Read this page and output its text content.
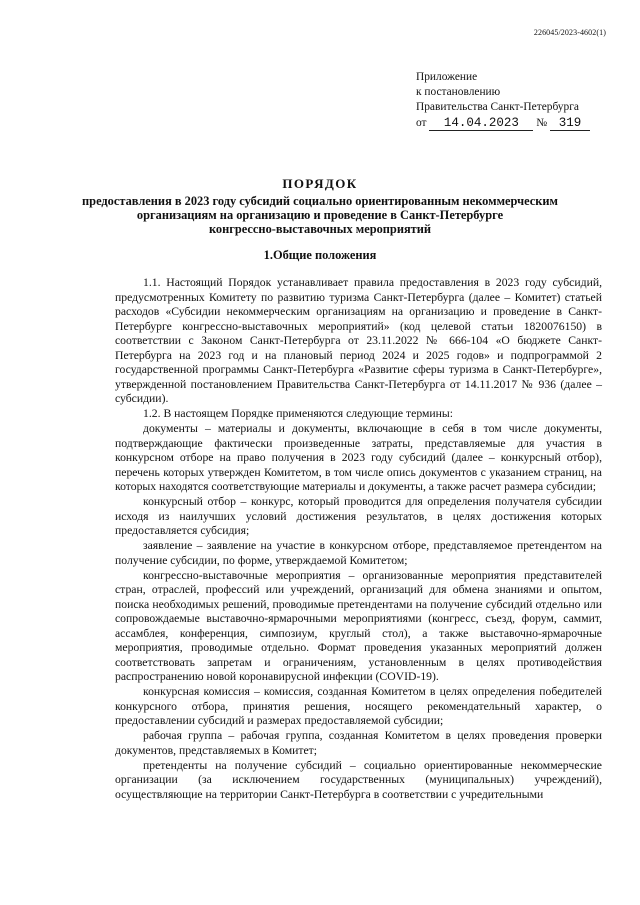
226045/2023-4602(1)
Приложение
к постановлению
Правительства Санкт-Петербурга
от 14.04.2023 № 319
ПОРЯДОК
предоставления в 2023 году субсидий социально ориентированным некоммерческим
организациям на организацию и проведение в Санкт-Петербурге
конгрессно-выставочных мероприятий
1.Общие положения

1.1. Настоящий Порядок устанавливает правила предоставления в 2023 году субсидий, предусмотренных Комитету по развитию туризма Санкт-Петербурга (далее – Комитет) статьей расходов «Субсидии некоммерческим организациям на организацию и проведение в Санкт-Петербурге конгрессно-выставочных мероприятий» (код целевой статьи 1820076150) в соответствии с Законом Санкт-Петербурга от 23.11.2022 № 666-104 «О бюджете Санкт-Петербурга на 2023 год и на плановый период 2024 и 2025 годов» и подпрограммой 2 государственной программы Санкт-Петербурга «Развитие сферы туризма в Санкт-Петербурге», утвержденной постановлением Правительства Санкт-Петербурга от 14.11.2017 № 936 (далее – субсидии).

1.2. В настоящем Порядке применяются следующие термины:

документы – материалы и документы, включающие в себя в том числе документы, подтверждающие фактически произведенные затраты, представляемые для участия в конкурсном отборе на право получения в 2023 году субсидий (далее – конкурсный отбор), перечень которых утвержден Комитетом, в том числе опись документов с указанием страниц, на которых находятся соответствующие материалы и документы, а также расчет размера субсидии;

конкурсный отбор – конкурс, который проводится для определения получателя субсидии исходя из наилучших условий достижения результатов, в целях достижения которых предоставляется субсидия;

заявление – заявление на участие в конкурсном отборе, представляемое претендентом на получение субсидии, по форме, утверждаемой Комитетом;

конгрессно-выставочные мероприятия – организованные мероприятия представителей стран, отраслей, профессий или учреждений, организаций для обмена знаниями и опытом, поиска необходимых решений, проводимые претендентами на получение субсидий отдельно или сопровождаемые выставочно-ярмарочными мероприятиями (конгресс, съезд, форум, саммит, ассамблея, конференция, симпозиум, круглый стол), а также выставочно-ярмарочные мероприятия, проводимые отдельно. Формат проведения указанных мероприятий должен соответствовать запретам и ограничениям, установленным в целях противодействия распространению новой коронавирусной инфекции (COVID-19).

конкурсная комиссия – комиссия, созданная Комитетом в целях определения победителей конкурсного отбора, принятия решения, носящего рекомендательный характер, о предоставлении субсидий и размерах предоставляемой субсидии;

рабочая группа – рабочая группа, созданная Комитетом в целях проведения проверки документов, представляемых в Комитет;

претенденты на получение субсидий – социально ориентированные некоммерческие организации (за исключением государственных (муниципальных) учреждений), осуществляющие на территории Санкт-Петербурга в соответствии с учредительными
